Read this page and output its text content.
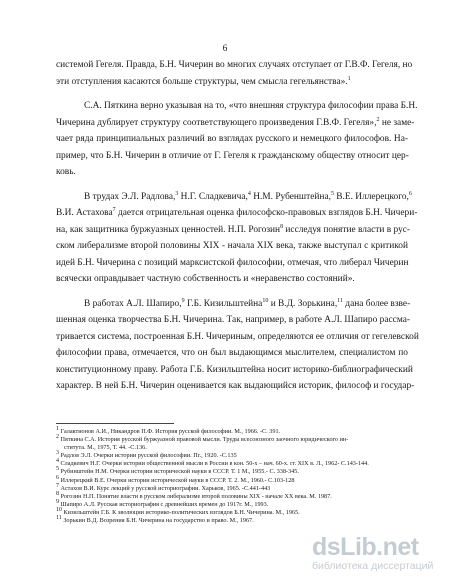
6
системой Гегеля. Правда, Б.Н. Чичерин во многих случаях отступает от Г.В.Ф. Гегеля, но
эти отступления касаются больше структуры, чем смысла гегельянства».$^1$
С.А. Пяткина верно указывая на то, «что внешняя структура философии права Б.Н.
Чичерина дублирует структуру соответствующего произведения Г.В.Ф. Гегеля»,$^2$ не заме-
чает ряда принципиальных различий во взглядах русского и немецкого философов. На-
пример, что Б.Н. Чичерин в отличие от Г. Гегеля к гражданскому обществу относит цер-
ковь.
В трудах Э.Л. Радлова,$^3$ Н.Г. Сладкевича,$^4$ Н.М. Рубенштейна,$^5$ В.Е. Иллерецкого,$^6$
В.И. Астахова$^7$ дается отрицательная оценка философско-правовых взглядов Б.Н. Чичери-
на, как защитника буржуазных ценностей. Н.П. Рогозин$^8$ исследуя понятие власти в рус-
ском либерализме второй половины XIX - начала XIX века, также выступал с критикой
идей Б.Н. Чичерина с позиций марксистской философии, отмечая, что либерал Чичерин
всячески оправдывает частную собственность и «неравенство состояний».
В работах А.Л. Шапиро,$^9$ Г.Б. Кизильштейна$^{10}$ и В.Д. Зорькина,$^{11}$ дана более взве-
шенная оценка творчества Б.Н. Чичерина. Так, например, в работе А.Л. Шапиро рассма-
тривается система, построенная Б.Н. Чичериным, определяются ее отличия от гегелевской
философии права, отмечается, что он был выдающимся мыслителем, специалистом по
конституционному праву. Работа Г.Б. Кизильштейна носит историко-библиографический
характер. В ней Б.Н. Чичерин оценивается как выдающийся историк, философ и государ-
$^1$ Галактионов А.И., Никандров П.Ф. История русской философии. М., 1966. -С. 391.
$^2$ Пяткина С.А. История русской буржуазной правовой мысли. Труды всесоюзного заочного юридического ин-
ститута. М., 1975, Т. 44. -С.136.
$^3$ Радлов Э.Л. Очерки истории русской философии. Пг., 1920. -С.135
$^4$ Сладкевич Н.Г. Очерки истории общественной мысли в России в кон. 50-х – нач. 60-х. гг. XIX в. Л., 1962- С.143-144.
$^5$ Рубинштейн Н.М. Очерки истории исторической науки в СССР. Т. 1 М., 1955.- С. 338-345.
$^6$ Иллерецкий В.Е. Очерки истории исторической науки в СССР. Т. 2. М., 1960.- С.103-128
$^7$ Астахов В.И. Курс лекций у русской историографии. Харьков, 1965. -С.441-443
$^8$ Рогозин Н.П. Понятие власти в русском либерализме второй половины XIX - начале XX века. М. 1987.
$^9$ Шапиро А.Л. Русская историография с древнейших времен до 1917г. М., 1993.
$^{10}$ Кизильштейн Г.Б. К эволюции историко-политических взглядов Б.Н. Чичерина. М., 1965.
$^{11}$ Зорькин В.Д. Возрения Б.Н. Чичерина на государство и право. М., 1967.
dsLib.net
библиотека диссертаций
